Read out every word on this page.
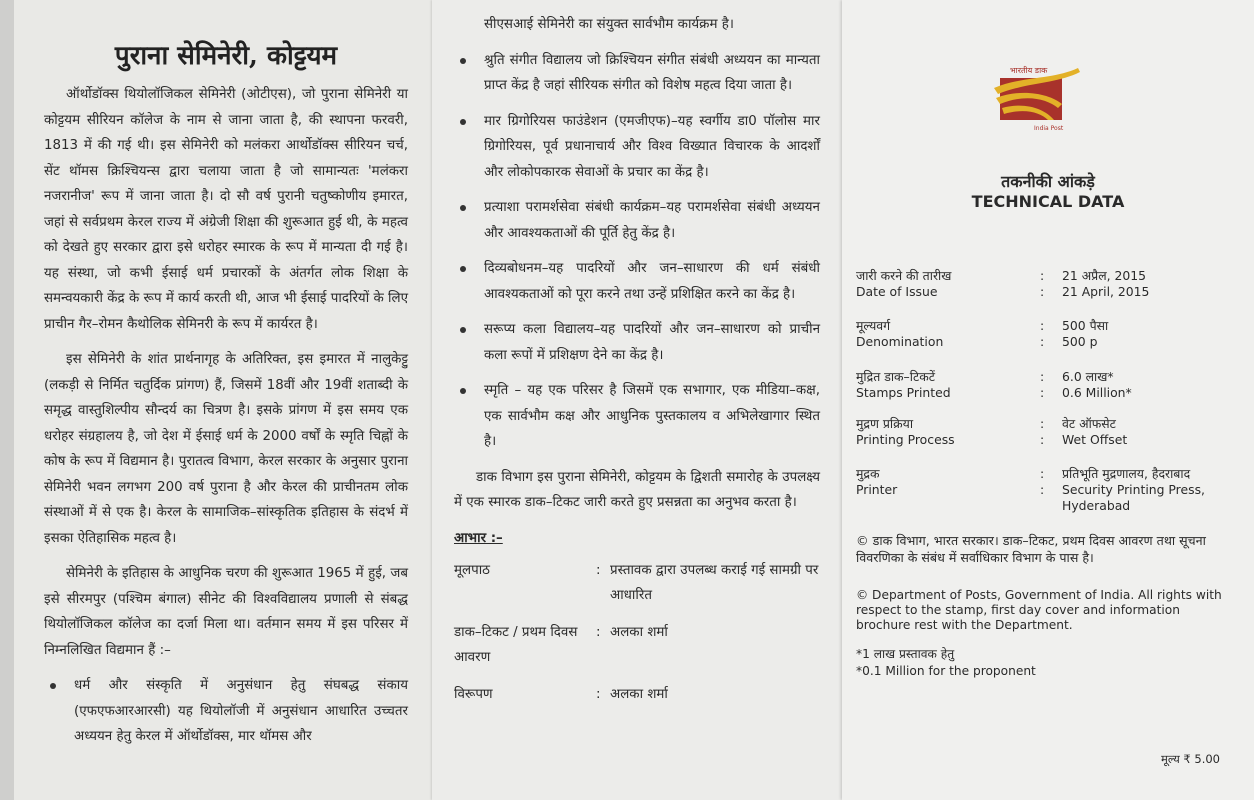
पुराना सेमिनेरी, कोट्टयम

ऑर्थोडॉक्स थियोलॉजिकल सेमिनेरी (ओटीएस), जो पुराना सेमिनेरी या कोट्टयम सीरियन कॉलेज के नाम से जाना जाता है, की स्थापना फरवरी, 1813 में की गई थी। इस सेमिनेरी को मलंकरा आर्थोडॉक्स सीरियन चर्च, सेंट थॉमस क्रिश्चियन्स द्वारा चलाया जाता है जो सामान्यतः 'मलंकरा नजरानीज' रूप में जाना जाता है। दो सौ वर्ष पुरानी चतुष्कोणीय इमारत, जहां से सर्वप्रथम केरल राज्य में अंग्रेजी शिक्षा की शुरूआत हुई थी, के महत्व को देखते हुए सरकार द्वारा इसे धरोहर स्मारक के रूप में मान्यता दी गई है। यह संस्था, जो कभी ईसाई धर्म प्रचारकों के अंतर्गत लोक शिक्षा के समन्वयकारी केंद्र के रूप में कार्य करती थी, आज भी ईसाई पादरियों के लिए प्राचीन गैर–रोमन कैथोलिक सेमिनरी के रूप में कार्यरत है।

इस सेमिनेरी के शांत प्रार्थनागृह के अतिरिक्त, इस इमारत में नालुकेट्टु (लकड़ी से निर्मित चतुर्दिक प्रांगण) हैं, जिसमें 18वीं और 19वीं शताब्दी के समृद्ध वास्तुशिल्पीय सौन्दर्य का चित्रण है। इसके प्रांगण में इस समय एक धरोहर संग्रहालय है, जो देश में ईसाई धर्म के 2000 वर्षों के स्मृति चिह्नों के कोष के रूप में विद्यमान है। पुरातत्व विभाग, केरल सरकार के अनुसार पुराना सेमिनेरी भवन लगभग 200 वर्ष पुराना है और केरल की प्राचीनतम लोक संस्थाओं में से एक है। केरल के सामाजिक–सांस्कृतिक इतिहास के संदर्भ में इसका ऐतिहासिक महत्व है।

सेमिनेरी के इतिहास के आधुनिक चरण की शुरूआत 1965 में हुई, जब इसे सीरमपुर (पश्चिम बंगाल) सीनेट की विश्वविद्यालय प्रणाली से संबद्ध थियोलॉजिकल कॉलेज का दर्जा मिला था। वर्तमान समय में इस परिसर में निम्नलिखित विद्यमान हैं :–

धर्म और संस्कृति में अनुसंधान हेतु संघबद्ध संकाय (एफएफआरआरसी) यह थियोलॉजी में अनुसंधान आधारित उच्चतर अध्ययन हेतु केरल में ऑर्थोडॉक्स, मार थॉमस और

सीएसआई सेमिनेरी का संयुक्त सार्वभौम कार्यक्रम है।

श्रुति संगीत विद्यालय जो क्रिश्चियन संगीत संबंधी अध्ययन का मान्यता प्राप्त केंद्र है जहां सीरियक संगीत को विशेष महत्व दिया जाता है।
मार ग्रिगोरियस फाउंडेशन (एमजीएफ)–यह स्वर्गीय डा0 पॉलोस मार ग्रिगोरियस, पूर्व प्रधानाचार्य और विश्व विख्यात विचारक के आदर्शों और लोकोपकारक सेवाओं के प्रचार का केंद्र है।
प्रत्याशा परामर्शसेवा संबंधी कार्यक्रम–यह परामर्शसेवा संबंधी अध्ययन और आवश्यकताओं की पूर्ति हेतु केंद्र है।
दिव्यबोधनम–यह पादरियों और जन–साधारण की धर्म संबंधी आवश्यकताओं को पूरा करने तथा उन्हें प्रशिक्षित करने का केंद्र है।
सरूप्य कला विद्यालय–यह पादरियों और जन–साधारण को प्राचीन कला रूपों में प्रशिक्षण देने का केंद्र है।
स्मृति – यह एक परिसर है जिसमें एक सभागार, एक मीडिया–कक्ष, एक सार्वभौम कक्ष और आधुनिक पुस्तकालय व अभिलेखागार स्थित है।

डाक विभाग इस पुराना सेमिनेरी, कोट्टयम के द्विशती समारोह के उपलक्ष्य में एक स्मारक डाक–टिकट जारी करते हुए प्रसन्नता का अनुभव करता है।

आभार :–
मूलपाठ	: प्रस्तावक द्वारा उपलब्ध कराई गई सामग्री पर आधारित
डाक–टिकट / प्रथम दिवस आवरण
: अलका शर्मा
विरूपण	: अलका शर्मा
भारतीय डाक
India Post
तकनीकी आंकड़े
TECHNICAL DATA
जारी करने की तारीख	:	21 अप्रैल, 2015
Date of Issue	:	21 April, 2015
मूल्यवर्ग	:	500 पैसा
Denomination	:	500 p
मुद्रित डाक–टिकटें	:	6.0 लाख*
Stamps Printed	:	0.6 Million*
मुद्रण प्रक्रिया	:	वेट ऑफसेट
Printing Process	:	Wet Offset
मुद्रक	:	प्रतिभूति मुद्रणालय, हैदराबाद
Printer	:	Security Printing Press, Hyderabad
© डाक विभाग, भारत सरकार। डाक–टिकट, प्रथम दिवस आवरण तथा सूचना विवरणिका के संबंध में सर्वाधिकार विभाग के पास है।
© Department of Posts, Government of India. All rights with respect to the stamp, first day cover and information brochure rest with the Department.
*1 लाख प्रस्तावक हेतु
*0.1 Million for the proponent
मूल्य ₹ 5.00
